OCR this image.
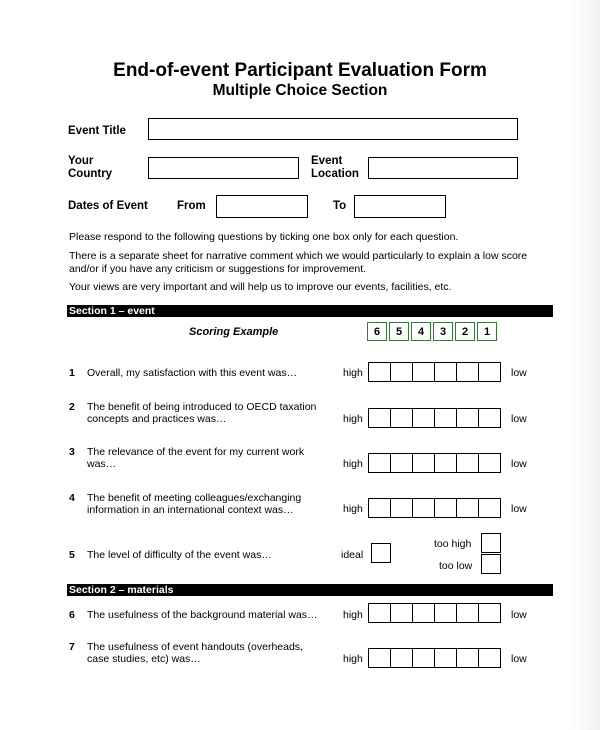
End-of-event Participant Evaluation Form
Multiple Choice Section
Event Title
Your
Country
Event
Location
Dates of Event	From	To
Please respond to the following questions by ticking one box only for each question.
There is a separate sheet for narrative comment which we would particularly to explain a low score and/or if you have any criticism or suggestions for improvement.
Your views are very important and will help us to improve our events, facilities, etc.
Section 1 – event
Scoring Example	6	5	4	3	2	1
1 Overall, my satisfaction with this event was…	high	low
2 The benefit of being introduced to OECD taxation concepts and practices was…	high	low
3 The relevance of the event for my current work was…	high	low
4 The benefit of meeting colleagues/exchanging information in an international context was…	high	low
5 The level of difficulty of the event was…	ideal
too high
too low
Section 2 – materials
6 The usefulness of the background material was…	high	low
7 The usefulness of event handouts (overheads, case studies, etc) was…	high	low
